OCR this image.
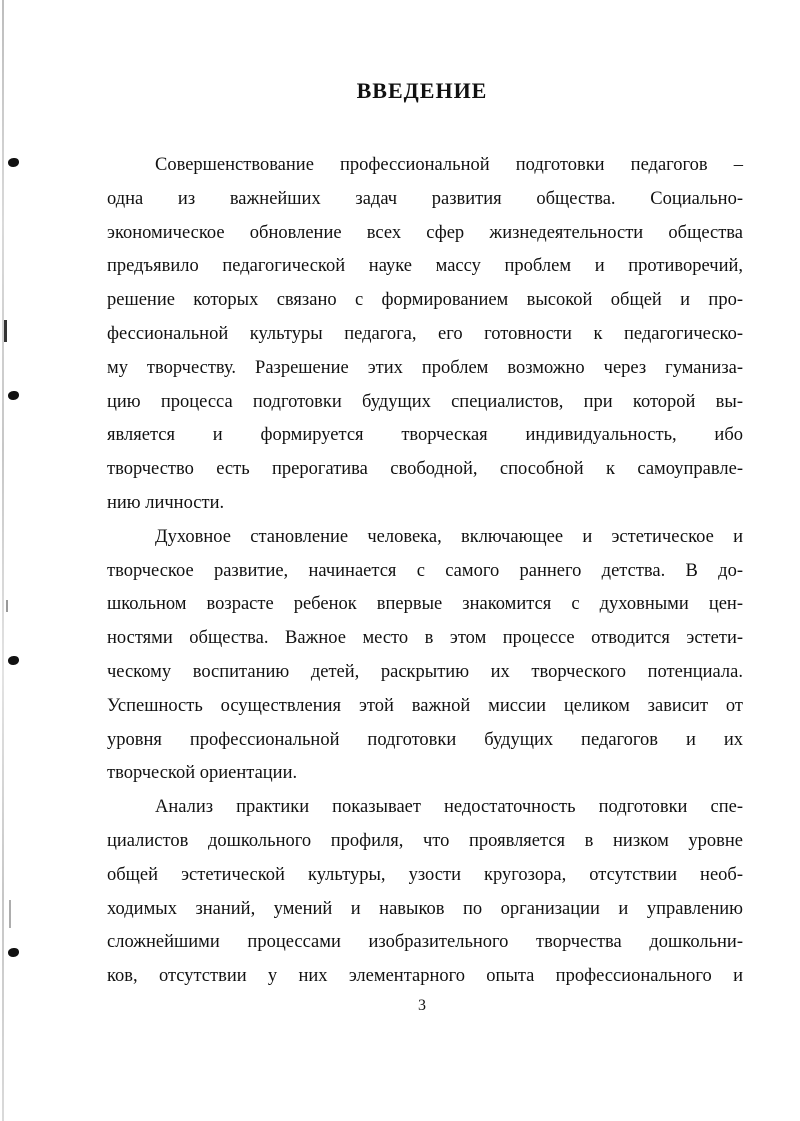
ВВЕДЕНИЕ
Совершенствование профессиональной подготовки педагогов –
одна из важнейших задач развития общества. Социально-
экономическое обновление всех сфер жизнедеятельности общества
предъявило педагогической науке массу проблем и противоречий,
решение которых связано с формированием высокой общей и про-
фессиональной культуры педагога, его готовности к педагогическо-
му творчеству. Разрешение этих проблем возможно через гуманиза-
цию процесса подготовки будущих специалистов, при которой вы-
является и формируется творческая индивидуальность, ибо
творчество есть прерогатива свободной, способной к самоуправле-
нию личности.
Духовное становление человека, включающее и эстетическое и
творческое развитие, начинается с самого раннего детства. В до-
школьном возрасте ребенок впервые знакомится с духовными цен-
ностями общества. Важное место в этом процессе отводится эстети-
ческому воспитанию детей, раскрытию их творческого потенциала.
Успешность осуществления этой важной миссии целиком зависит от
уровня профессиональной подготовки будущих педагогов и их
творческой ориентации.
Анализ практики показывает недостаточность подготовки спе-
циалистов дошкольного профиля, что проявляется в низком уровне
общей эстетической культуры, узости кругозора, отсутствии необ-
ходимых знаний, умений и навыков по организации и управлению
сложнейшими процессами изобразительного творчества дошкольни-
ков, отсутствии у них элементарного опыта профессионального и
3
